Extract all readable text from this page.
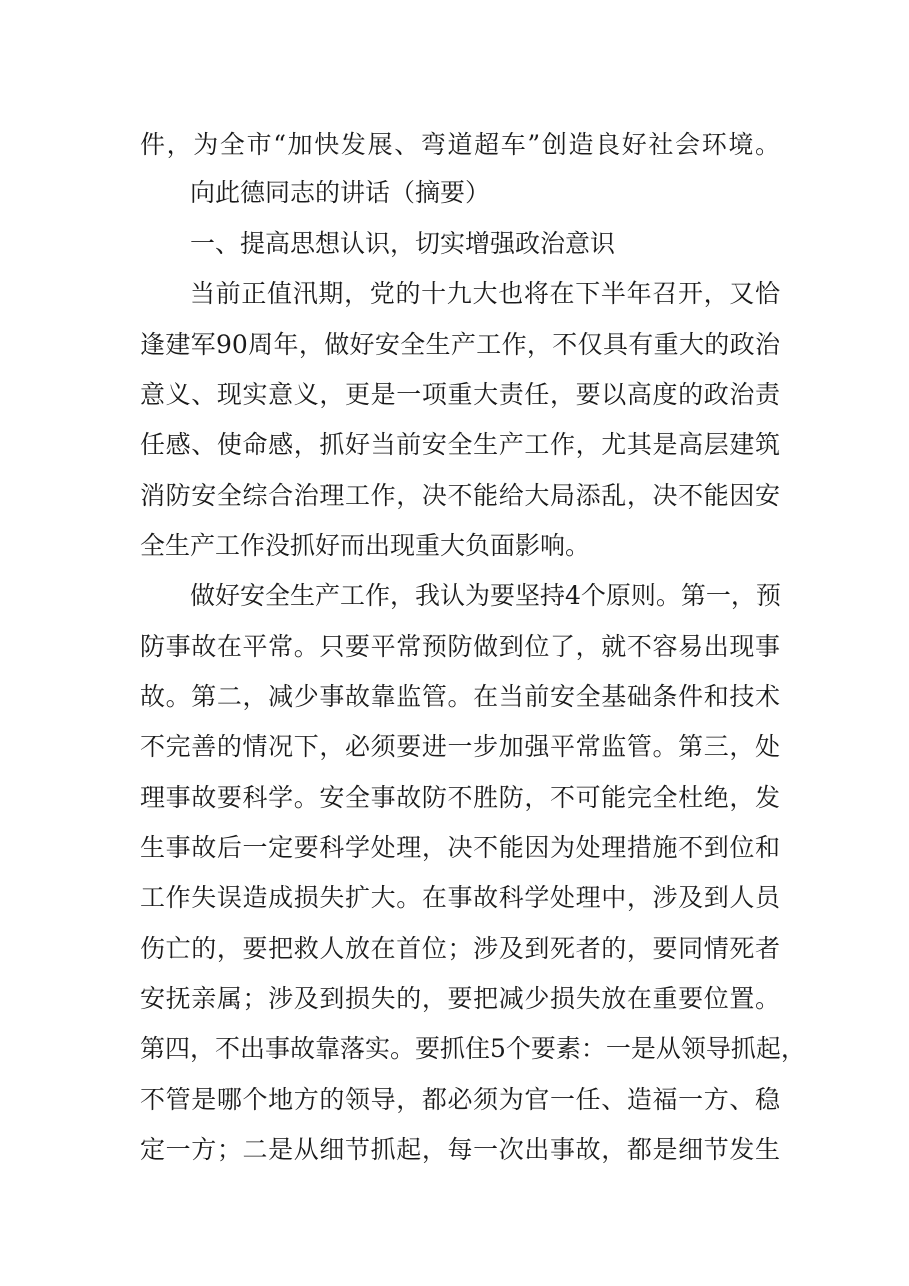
件，为全市“加快发展、弯道超车”创造良好社会环境。
向此德同志的讲话（摘要）
一、提高思想认识，切实增强政治意识
当前正值汛期，党的十九大也将在下半年召开，又恰
逢建军90周年，做好安全生产工作，不仅具有重大的政治
意义、现实意义，更是一项重大责任，要以高度的政治责
任感、使命感，抓好当前安全生产工作，尤其是高层建筑
消防安全综合治理工作，决不能给大局添乱，决不能因安
全生产工作没抓好而出现重大负面影响。
做好安全生产工作，我认为要坚持4个原则。第一，预
防事故在平常。只要平常预防做到位了，就不容易出现事
故。第二，减少事故靠监管。在当前安全基础条件和技术
不完善的情况下，必须要进一步加强平常监管。第三，处
理事故要科学。安全事故防不胜防，不可能完全杜绝，发
生事故后一定要科学处理，决不能因为处理措施不到位和
工作失误造成损失扩大。在事故科学处理中，涉及到人员
伤亡的，要把救人放在首位；涉及到死者的，要同情死者
安抚亲属；涉及到损失的，要把减少损失放在重要位置。
第四，不出事故靠落实。要抓住5个要素：一是从领导抓起，
不管是哪个地方的领导，都必须为官一任、造福一方、稳
定一方；二是从细节抓起，每一次出事故，都是细节发生
